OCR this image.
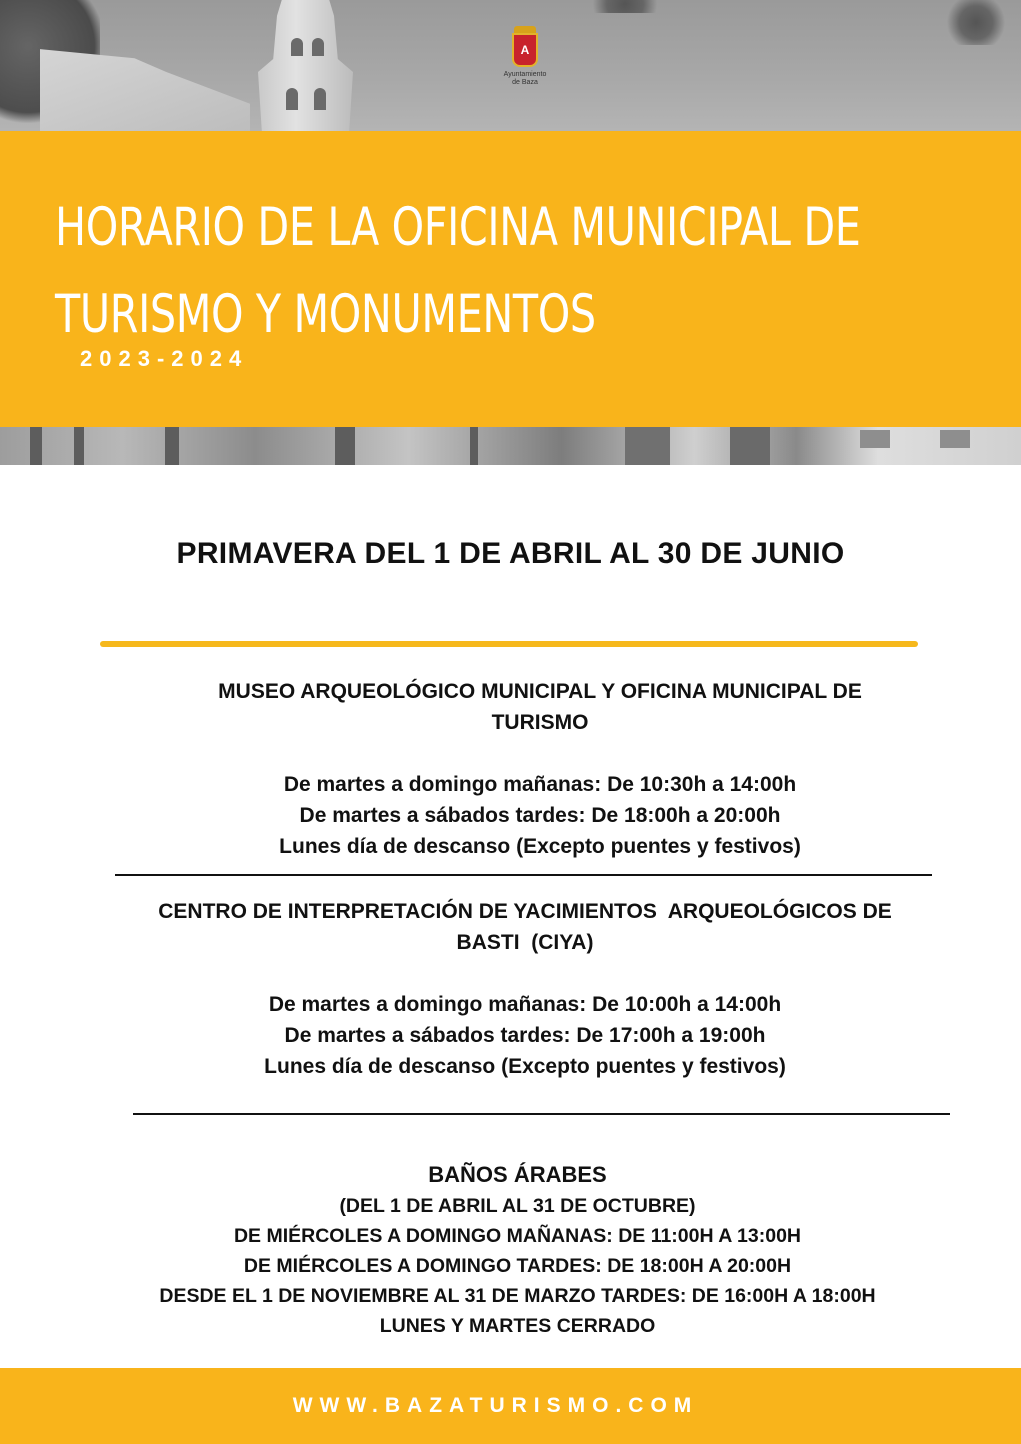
A
Ayuntamiento
de Baza
HORARIO DE LA OFICINA MUNICIPAL DE
TURISMO Y MONUMENTOS
2023-2024
PRIMAVERA DEL 1 DE ABRIL AL 30 DE JUNIO
MUSEO ARQUEOLÓGICO MUNICIPAL Y OFICINA MUNICIPAL DE
TURISMO
De martes a domingo mañanas: De 10:30h a 14:00h
De martes a sábados tardes: De 18:00h a 20:00h
Lunes día de descanso (Excepto puentes y festivos)
CENTRO DE INTERPRETACIÓN DE YACIMIENTOS  ARQUEOLÓGICOS DE
BASTI  (CIYA)
De martes a domingo mañanas: De 10:00h a 14:00h
De martes a sábados tardes: De 17:00h a 19:00h
Lunes día de descanso (Excepto puentes y festivos)
BAÑOS ÁRABES
(DEL 1 DE ABRIL AL 31 DE OCTUBRE)
DE MIÉRCOLES A DOMINGO MAÑANAS: DE 11:00H A 13:00H
DE MIÉRCOLES A DOMINGO TARDES: DE 18:00H A 20:00H
DESDE EL 1 DE NOVIEMBRE AL 31 DE MARZO TARDES: DE 16:00H A 18:00H
LUNES Y MARTES CERRADO
WWW.BAZATURISMO.COM
